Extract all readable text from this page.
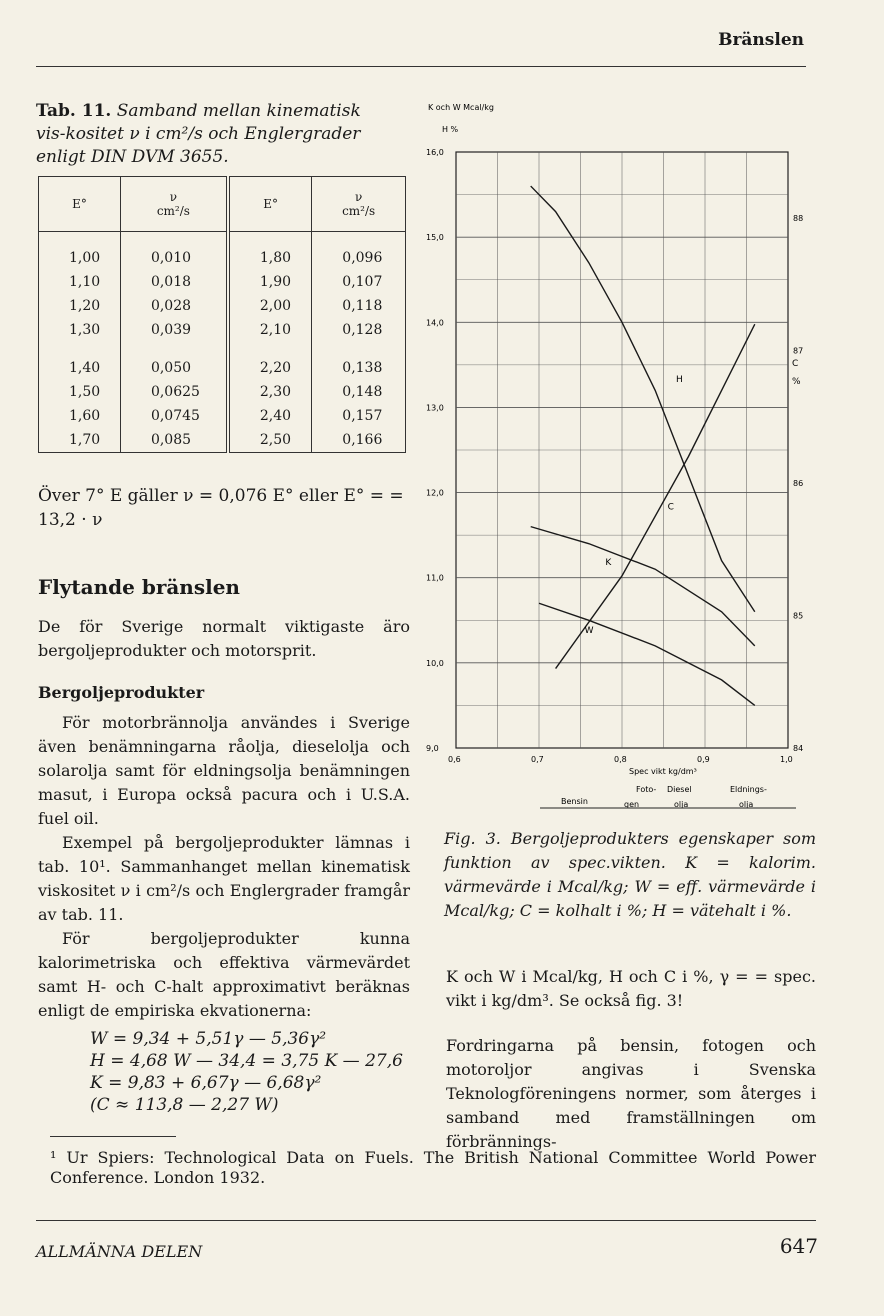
Bränslen
Tab. 11. Samband mellan kinematisk vis‑kositet ν i cm²/s och Englergrader enligt DIN DVM 3655.
E°	ν
cm²/s	E°	ν
cm²/s
1,00	0,010	1,80	0,096
1,10	0,018	1,90	0,107
1,20	0,028	2,00	0,118
1,30	0,039	2,10	0,128
1,40	0,050	2,20	0,138
1,50	0,0625	2,30	0,148
1,60	0,0745	2,40	0,157
1,70	0,085	2,50	0,166
Över 7° E gäller ν = 0,076 E° eller E° = = 13,2 · ν
Flytande bränslen
De för Sverige normalt viktigaste äro bergoljeprodukter och motorsprit.
Bergoljeprodukter
För motorbrännolja användes i Sverige även benämningarna råolja, dieselolja och solarolja samt för eldningsolja benämningen masut, i Europa också pacura och i U.S.A. fuel oil.
Exempel på bergoljeprodukter lämnas i tab. 10¹. Sammanhanget mellan kinematisk viskositet ν i cm²/s och Englergrader framgår av tab. 11.
För bergoljeprodukter kunna kalorimetriska och effektiva värmevärdet samt H- och C-halt approximativt beräknas enligt de empiriska ekvationerna:
W = 9,34 + 5,51γ — 5,36γ²
H = 4,68 W — 34,4 = 3,75 K — 27,6
K = 9,83 + 6,67γ — 6,68γ²
(C ≈ 113,8 — 2,27 W)
K och W Mcal/kg
H %
9,0
10,0
11,0
12,0
13,0
14,0
15,0
16,0
0,6	0,7	0,8	0,9	1,0
84
85
86
87
88
H
C
K
W
C
%
Spec vikt kg/dm³
Bensin
Foto-
gen
Diesel
olja
Eldnings-
olja
Fig. 3. Bergoljeprodukters egenskaper som funktion av spec.vikten. K = kalorim. värmevärde i Mcal/kg; W = eff. värmevärde i Mcal/kg; C = kolhalt i %; H = vätehalt i %.
K och W i Mcal/kg, H och C i %, γ = = spec. vikt i kg/dm³. Se också fig. 3!
Fordringarna på bensin, fotogen och motoroljor angivas i Svenska Teknologföreningens normer, som återges i samband med framställningen om förbrännings-
¹ Ur Spiers: Technological Data on Fuels. The British National Committee World Power Conference. London 1932.
ALLMÄNNA DELEN	647
